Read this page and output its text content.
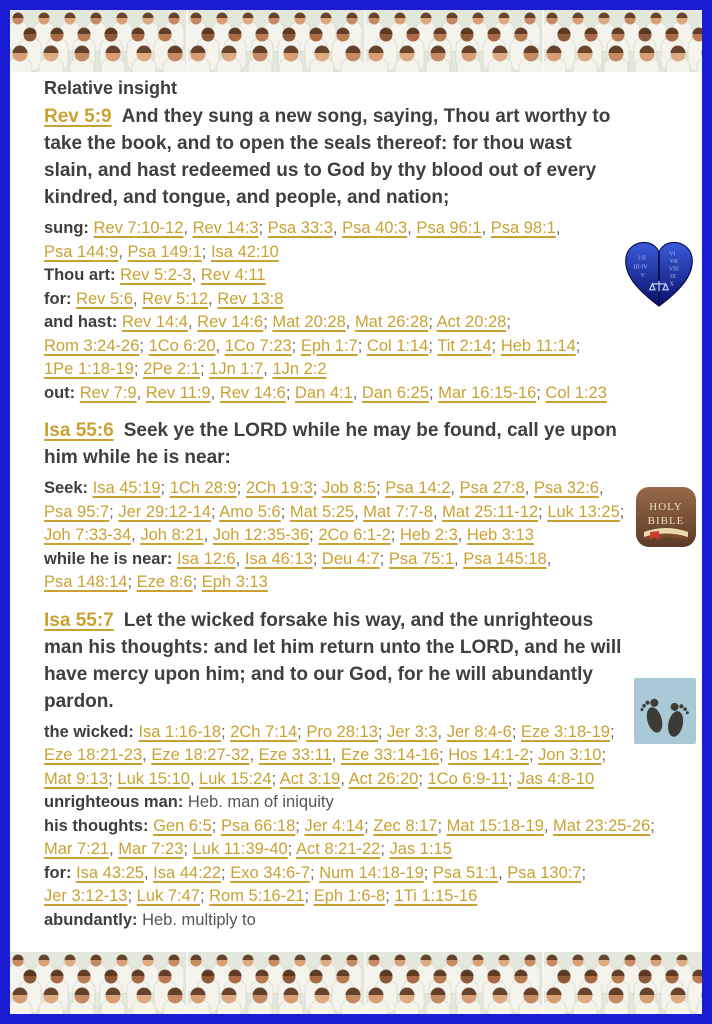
Relative insight
I·II
III·IV
V
VI
VII
VIII
IX
X

Rev 5:9 And they sung a new song, saying, Thou art worthy to take the book, and to open the seals thereof: for thou wast slain, and hast redeemed us to God by thy blood out of every kindred, and tongue, and people, and nation;

sung: Rev 7:10-12, Rev 14:3; Psa 33:3, Psa 40:3, Psa 96:1, Psa 98:1, Psa 144:9, Psa 149:1; Isa 42:10
Thou art: Rev 5:2-3, Rev 4:11
for: Rev 5:6, Rev 5:12, Rev 13:8
and hast: Rev 14:4, Rev 14:6; Mat 20:28, Mat 26:28; Act 20:28; Rom 3:24-26; 1Co 6:20, 1Co 7:23; Eph 1:7; Col 1:14; Tit 2:14; Heb 11:14; 1Pe 1:18-19; 2Pe 2:1; 1Jn 1:7, 1Jn 2:2
out: Rev 7:9, Rev 11:9, Rev 14:6; Dan 4:1, Dan 6:25; Mar 16:15-16; Col 1:23
HOLY
BIBLE

Isa 55:6 Seek ye the LORD while he may be found, call ye upon him while he is near:

Seek: Isa 45:19; 1Ch 28:9; 2Ch 19:3; Job 8:5; Psa 14:2, Psa 27:8, Psa 32:6, Psa 95:7; Jer 29:12-14; Amo 5:6; Mat 5:25, Mat 7:7-8, Mat 25:11-12; Luk 13:25; Joh 7:33-34, Joh 8:21, Joh 12:35-36; 2Co 6:1-2; Heb 2:3, Heb 3:13
while he is near: Isa 12:6, Isa 46:13; Deu 4:7; Psa 75:1, Psa 145:18, Psa 148:14; Eze 8:6; Eph 3:13

Isa 55:7 Let the wicked forsake his way, and the unrighteous man his thoughts: and let him return unto the LORD, and he will have mercy upon him; and to our God, for he will abundantly pardon.

the wicked: Isa 1:16-18; 2Ch 7:14; Pro 28:13; Jer 3:3, Jer 8:4-6; Eze 3:18-19; Eze 18:21-23, Eze 18:27-32, Eze 33:11, Eze 33:14-16; Hos 14:1-2; Jon 3:10; Mat 9:13; Luk 15:10, Luk 15:24; Act 3:19, Act 26:20; 1Co 6:9-11; Jas 4:8-10
unrighteous man: Heb. man of iniquity
his thoughts: Gen 6:5; Psa 66:18; Jer 4:14; Zec 8:17; Mat 15:18-19, Mat 23:25-26; Mar 7:21, Mar 7:23; Luk 11:39-40; Act 8:21-22; Jas 1:15
for: Isa 43:25, Isa 44:22; Exo 34:6-7; Num 14:18-19; Psa 51:1, Psa 130:7; Jer 3:12-13; Luk 7:47; Rom 5:16-21; Eph 1:6-8; 1Ti 1:15-16
abundantly: Heb. multiply to
